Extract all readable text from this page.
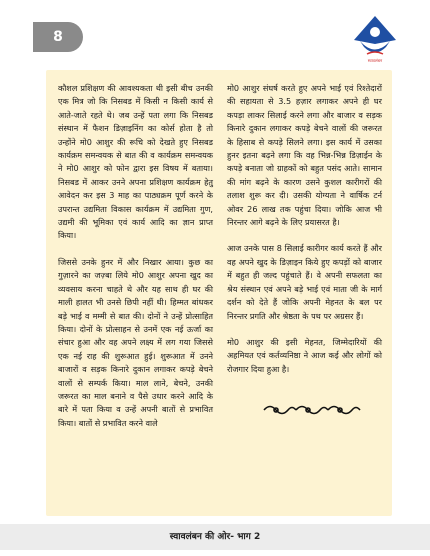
8
स्वावलंबन

कौशल प्रशिक्षण की आवश्यकता थी इसी बीच उनकी एक मित्र जो कि निसबड में किसी न किसी कार्य से आते-जाते रहते थे। जब उन्हें पता लगा कि निसबड संस्थान में फैशन डिज़ाइनिंग का कोर्स होता है तो उन्होंने मो0 आशुर की रूचि को देखते हुए निसबड कार्यक्रम समन्वयक से बात की व कार्यक्रम समन्वयक ने मो0 आशुर को फोन द्वारा इस विषय में बताया। निसबड में आकर उनने अपना प्रशिक्षण कार्यक्रम हेतु आवेदन कर इस 3 माह का पाठ्यक्रम पूर्ण करने के उपरान्त उद्यमिता विकास कार्यक्रम में उद्यमिता गुण, उद्यमी की भूमिका एवं कार्य आदि का ज्ञान प्राप्त किया।

जिससे उनके हुनर में और निखार आया। कुछ का गुज़ारने का जज़्बा लिये मो0 आशुर अपना खुद का व्यवसाय करना चाहते थे और यह साथ ही घर की माली हालत भी उनसे छिपी नहीं थी। हिम्मत बांधकर बड़े भाई व मम्मी से बात की। दोनों ने उन्हें प्रोत्साहित किया। दोनों के प्रोत्साहन से उनमें एक नई ऊर्जा का संचार हुआ और वह अपने लक्ष्य में लग गया जिससे एक नई राह की शुरूआत हुई। शुरूआत में उनने बाजारों व सड़क किनारे दुकान लगाकर कपड़े बेचने वालों से सम्पर्क किया। माल लाने, बेचने, उनकी जरूरत का माल बनाने व पैसे उधार करने आदि के बारे में पता किया व उन्हें अपनी बातों से प्रभावित किया। बातों से प्रभावित करने वाले

मो0 आशुर संघर्ष करते हुए अपने भाई एवं रिश्तेदारों की सहायता से 3.5 हज़ार लगाकर अपने ही घर कपड़ा लाकर सिलाई करने लगा और बाजार व सड़क किनारे दुकान लगाकर कपड़े बेचने वालों की जरूरत के हिसाब से कपड़े सिलने लगा। इस कार्य में उसका हुनर इतना बढ़ने लगा कि वह भिन्न-भिन्न डिज़ाईन के कपड़े बनाता जो ग्राहकों को बहुत पसंद आते। सामान की मांग बढ़ने के कारण उसने कुशल कारीगरों की तलाश शुरू कर दी। उसकी योग्यता ने वार्षिक टर्न ओवर 26 लाख तक पहुंचा दिया। जोकि आज भी निरन्तर आगे बढ़ने के लिए प्रयासरत है।

आज उनके पास 8 सिलाई कारीगर कार्य करते हैं और वह अपने खुद के डिज़ाइन किये हुए कपड़ों को बाजार में बहुत ही जल्द पहुंचाते हैं। वे अपनी सफलता का श्रेय संस्थान एवं अपने बड़े भाई एवं माता जी के मार्ग दर्शन को देते हैं जोकि अपनी मेहनत के बल पर निरन्तर प्रगति और श्रेष्ठता के पथ पर अग्रसर हैं।

मो0 आशुर की इसी मेहनत, जिम्मेदारियों की अहमियत एवं कर्तव्यनिष्ठा ने आज कई और लोगों को रोजगार दिया हुआ है।

स्वावलंबन की ओर- भाग 2
